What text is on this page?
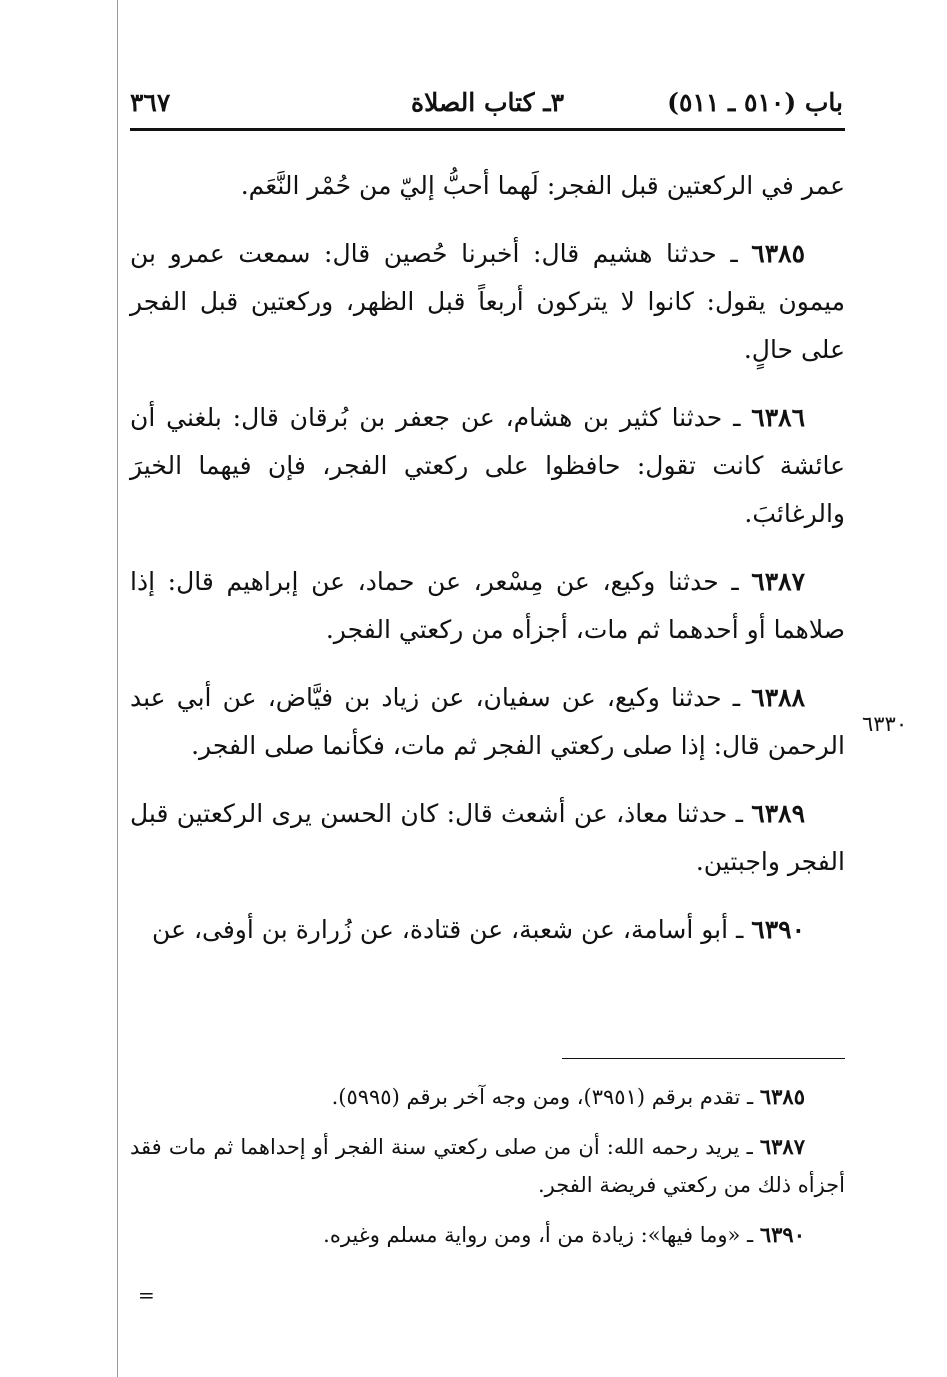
باب (٥١٠ ـ ٥١١)
٣ـ كتاب الصلاة
٣٦٧

عمر في الركعتين قبل الفجر: لَهما أحبُّ إليّ من حُمْر النَّعَم.

٦٣٨٥ ـ حدثنا هشيم قال: أخبرنا حُصين قال: سمعت عمرو بن ميمون يقول: كانوا لا يتركون أربعاً قبل الظهر، وركعتين قبل الفجر على حالٍ.

٦٣٨٦ ـ حدثنا كثير بن هشام، عن جعفر بن بُرقان قال: بلغني أن عائشة كانت تقول: حافظوا على ركعتي الفجر، فإن فيهما الخيرَ والرغائبَ.

٦٣٨٧ ـ حدثنا وكيع، عن مِسْعر، عن حماد، عن إبراهيم قال: إذا صلاهما أو أحدهما ثم مات، أجزأه من ركعتي الفجر.

٦٣٨٨ ـ حدثنا وكيع، عن سفيان، عن زياد بن فيَّاض، عن أبي عبد الرحمن قال: إذا صلى ركعتي الفجر ثم مات، فكأنما صلى الفجر.

٦٣٨٩ ـ حدثنا معاذ، عن أشعث قال: كان الحسن يرى الركعتين قبل الفجر واجبتين.

٦٣٩٠ ـ أبو أسامة، عن شعبة، عن قتادة، عن زُرارة بن أوفى، عن

٦٣٣٠

٦٣٨٥ ـ تقدم برقم (٣٩٥١)، ومن وجه آخر برقم (٥٩٩٥).

٦٣٨٧ ـ يريد رحمه الله: أن من صلى ركعتي سنة الفجر أو إحداهما ثم مات فقد أجزأه ذلك من ركعتي فريضة الفجر.

٦٣٩٠ ـ «وما فيها»: زيادة من أ، ومن رواية مسلم وغيره.

=
